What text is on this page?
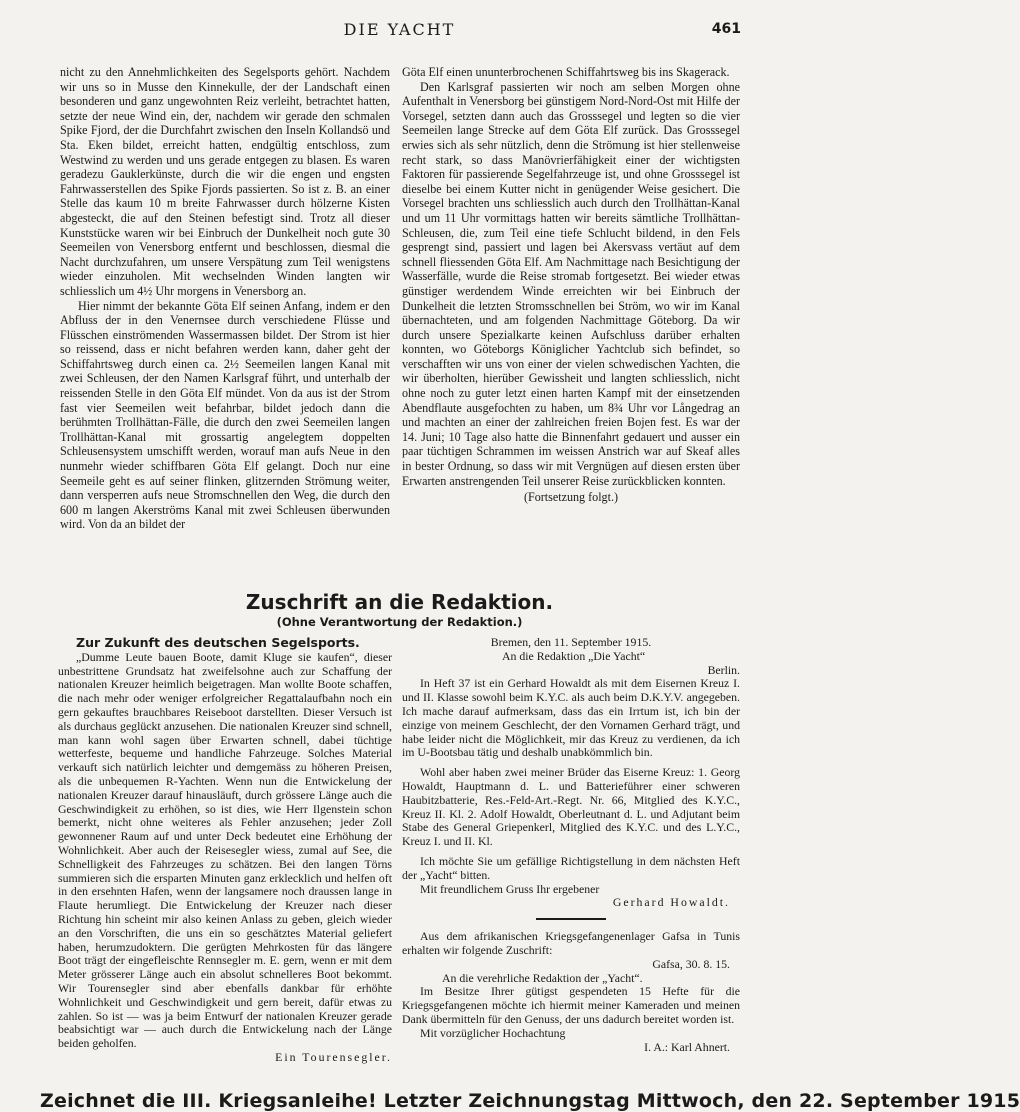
DIE YACHT	461

nicht zu den Annehmlichkeiten des Segelsports gehört. Nachdem wir uns so in Musse den Kinnekulle, der der Landschaft einen besonderen und ganz ungewohnten Reiz verleiht, betrachtet hatten, setzte der neue Wind ein, der, nachdem wir gerade den schmalen Spike Fjord, der die Durchfahrt zwischen den Inseln Kollandsö und Sta. Eken bildet, erreicht hatten, endgültig entschloss, zum Westwind zu werden und uns gerade entgegen zu blasen. Es waren geradezu Gauklerkünste, durch die wir die engen und engsten Fahrwasserstellen des Spike Fjords passierten. So ist z. B. an einer Stelle das kaum 10 m breite Fahrwasser durch hölzerne Kisten abgesteckt, die auf den Steinen befestigt sind. Trotz all dieser Kunststücke waren wir bei Einbruch der Dunkelheit noch gute 30 Seemeilen von Venersborg entfernt und beschlossen, diesmal die Nacht durchzufahren, um unsere Verspätung zum Teil wenigstens wieder einzuholen. Mit wechselnden Winden langten wir schliesslich um 4½ Uhr morgens in Venersborg an.

Hier nimmt der bekannte Göta Elf seinen Anfang, indem er den Abfluss der in den Venernsee durch verschiedene Flüsse und Flüsschen einströmenden Wassermassen bildet. Der Strom ist hier so reissend, dass er nicht befahren werden kann, daher geht der Schiffahrtsweg durch einen ca. 2½ Seemeilen langen Kanal mit zwei Schleusen, der den Namen Karlsgraf führt, und unterhalb der reissenden Stelle in den Göta Elf mündet. Von da aus ist der Strom fast vier Seemeilen weit befahrbar, bildet jedoch dann die berühmten Trollhättan-Fälle, die durch den zwei Seemeilen langen Trollhättan-Kanal mit grossartig angelegtem doppelten Schleusensystem umschifft werden, worauf man aufs Neue in den nunmehr wieder schiffbaren Göta Elf gelangt. Doch nur eine Seemeile geht es auf seiner flinken, glitzernden Strömung weiter, dann versperren aufs neue Stromschnellen den Weg, die durch den 600 m langen Akerströms Kanal mit zwei Schleusen überwunden wird. Von da an bildet der

Göta Elf einen ununterbrochenen Schiffahrtsweg bis ins Skagerack.

Den Karlsgraf passierten wir noch am selben Morgen ohne Aufenthalt in Venersborg bei günstigem Nord-Nord-Ost mit Hilfe der Vorsegel, setzten dann auch das Grosssegel und legten so die vier Seemeilen lange Strecke auf dem Göta Elf zurück. Das Grosssegel erwies sich als sehr nützlich, denn die Strömung ist hier stellenweise recht stark, so dass Manövrierfähigkeit einer der wichtigsten Faktoren für passierende Segelfahrzeuge ist, und ohne Grosssegel ist dieselbe bei einem Kutter nicht in genügender Weise gesichert. Die Vorsegel brachten uns schliesslich auch durch den Trollhättan-Kanal und um 11 Uhr vormittags hatten wir bereits sämtliche Trollhättan-Schleusen, die, zum Teil eine tiefe Schlucht bildend, in den Fels gesprengt sind, passiert und lagen bei Akersvass vertäut auf dem schnell fliessenden Göta Elf. Am Nachmittage nach Besichtigung der Wasserfälle, wurde die Reise stromab fortgesetzt. Bei wieder etwas günstiger werdendem Winde erreichten wir bei Einbruch der Dunkelheit die letzten Stromsschnellen bei Ström, wo wir im Kanal übernachteten, und am folgenden Nachmittage Göteborg. Da wir durch unsere Spezialkarte keinen Aufschluss darüber erhalten konnten, wo Göteborgs Königlicher Yachtclub sich befindet, so verschafften wir uns von einer der vielen schwedischen Yachten, die wir überholten, hierüber Gewissheit und langten schliesslich, nicht ohne noch zu guter letzt einen harten Kampf mit der einsetzenden Abendflaute ausgefochten zu haben, um 8¾ Uhr vor Långedrag an und machten an einer der zahlreichen freien Bojen fest. Es war der 14. Juni; 10 Tage also hatte die Binnenfahrt gedauert und ausser ein paar tüchtigen Schrammen im weissen Anstrich war auf Skeaf alles in bester Ordnung, so dass wir mit Vergnügen auf diesen ersten über Erwarten anstrengenden Teil unserer Reise zurückblicken konnten.

(Fortsetzung folgt.)

Zuschrift an die Redaktion.
(Ohne Verantwortung der Redaktion.)

Zur Zukunft des deutschen Segelsports.

„Dumme Leute bauen Boote, damit Kluge sie kaufen“, dieser unbestrittene Grundsatz hat zweifelsohne auch zur Schaffung der nationalen Kreuzer heimlich beigetragen. Man wollte Boote schaffen, die nach mehr oder weniger erfolgreicher Regattalaufbahn noch ein gern gekauftes brauchbares Reiseboot darstellten. Dieser Versuch ist als durchaus geglückt anzusehen. Die nationalen Kreuzer sind schnell, man kann wohl sagen über Erwarten schnell, dabei tüchtige wetterfeste, bequeme und handliche Fahrzeuge. Solches Material verkauft sich natürlich leichter und demgemäss zu höheren Preisen, als die unbequemen R-Yachten. Wenn nun die Entwickelung der nationalen Kreuzer darauf hinausläuft, durch grössere Länge auch die Geschwindigkeit zu erhöhen, so ist dies, wie Herr Ilgenstein schon bemerkt, nicht ohne weiteres als Fehler anzusehen; jeder Zoll gewonnener Raum auf und unter Deck bedeutet eine Erhöhung der Wohnlichkeit. Aber auch der Reisesegler wiess, zumal auf See, die Schnelligkeit des Fahrzeuges zu schätzen. Bei den langen Törns summieren sich die ersparten Minuten ganz erklecklich und helfen oft in den ersehnten Hafen, wenn der langsamere noch draussen lange in Flaute herumliegt. Die Entwickelung der Kreuzer nach dieser Richtung hin scheint mir also keinen Anlass zu geben, gleich wieder an den Vorschriften, die uns ein so geschätztes Material geliefert haben, herumzudoktern. Die gerügten Mehrkosten für das längere Boot trägt der eingefleischte Rennsegler m. E. gern, wenn er mit dem Meter grösserer Länge auch ein absolut schnelleres Boot bekommt. Wir Tourensegler sind aber ebenfalls dankbar für erhöhte Wohnlichkeit und Geschwindigkeit und gern bereit, dafür etwas zu zahlen. So ist — was ja beim Entwurf der nationalen Kreuzer gerade beabsichtigt war — auch durch die Entwickelung nach der Länge beiden geholfen.

Ein Tourensegler.

Bremen, den 11. September 1915.

An die Redaktion „Die Yacht“

Berlin.

In Heft 37 ist ein Gerhard Howaldt als mit dem Eisernen Kreuz I. und II. Klasse sowohl beim K.Y.C. als auch beim D.K.Y.V. angegeben. Ich mache darauf aufmerksam, dass das ein Irrtum ist, ich bin der einzige von meinem Geschlecht, der den Vornamen Gerhard trägt, und habe leider nicht die Möglichkeit, mir das Kreuz zu verdienen, da ich im U-Bootsbau tätig und deshalb unabkömmlich bin.

Wohl aber haben zwei meiner Brüder das Eiserne Kreuz: 1. Georg Howaldt, Hauptmann d. L. und Batterieführer einer schweren Haubitzbatterie, Res.-Feld-Art.-Regt. Nr. 66, Mitglied des K.Y.C., Kreuz II. Kl. 2. Adolf Howaldt, Oberleutnant d. L. und Adjutant beim Stabe des General Griepenkerl, Mitglied des K.Y.C. und des L.Y.C., Kreuz I. und II. Kl.

Ich möchte Sie um gefällige Richtigstellung in dem nächsten Heft der „Yacht“ bitten.

Mit freundlichem Gruss Ihr ergebener

Gerhard Howaldt.

Aus dem afrikanischen Kriegsgefangenenlager Gafsa in Tunis erhalten wir folgende Zuschrift:

Gafsa, 30. 8. 15.

An die verehrliche Redaktion der „Yacht“.

Im Besitze Ihrer gütigst gespendeten 15 Hefte für die Kriegsgefangenen möchte ich hiermit meiner Kameraden und meinen Dank übermitteln für den Genuss, der uns dadurch bereitet worden ist.

Mit vorzüglicher Hochachtung

I. A.: Karl Ahnert.

Zeichnet die III. Kriegsanleihe! Letzter Zeichnungstag Mittwoch, den 22. September 1915
